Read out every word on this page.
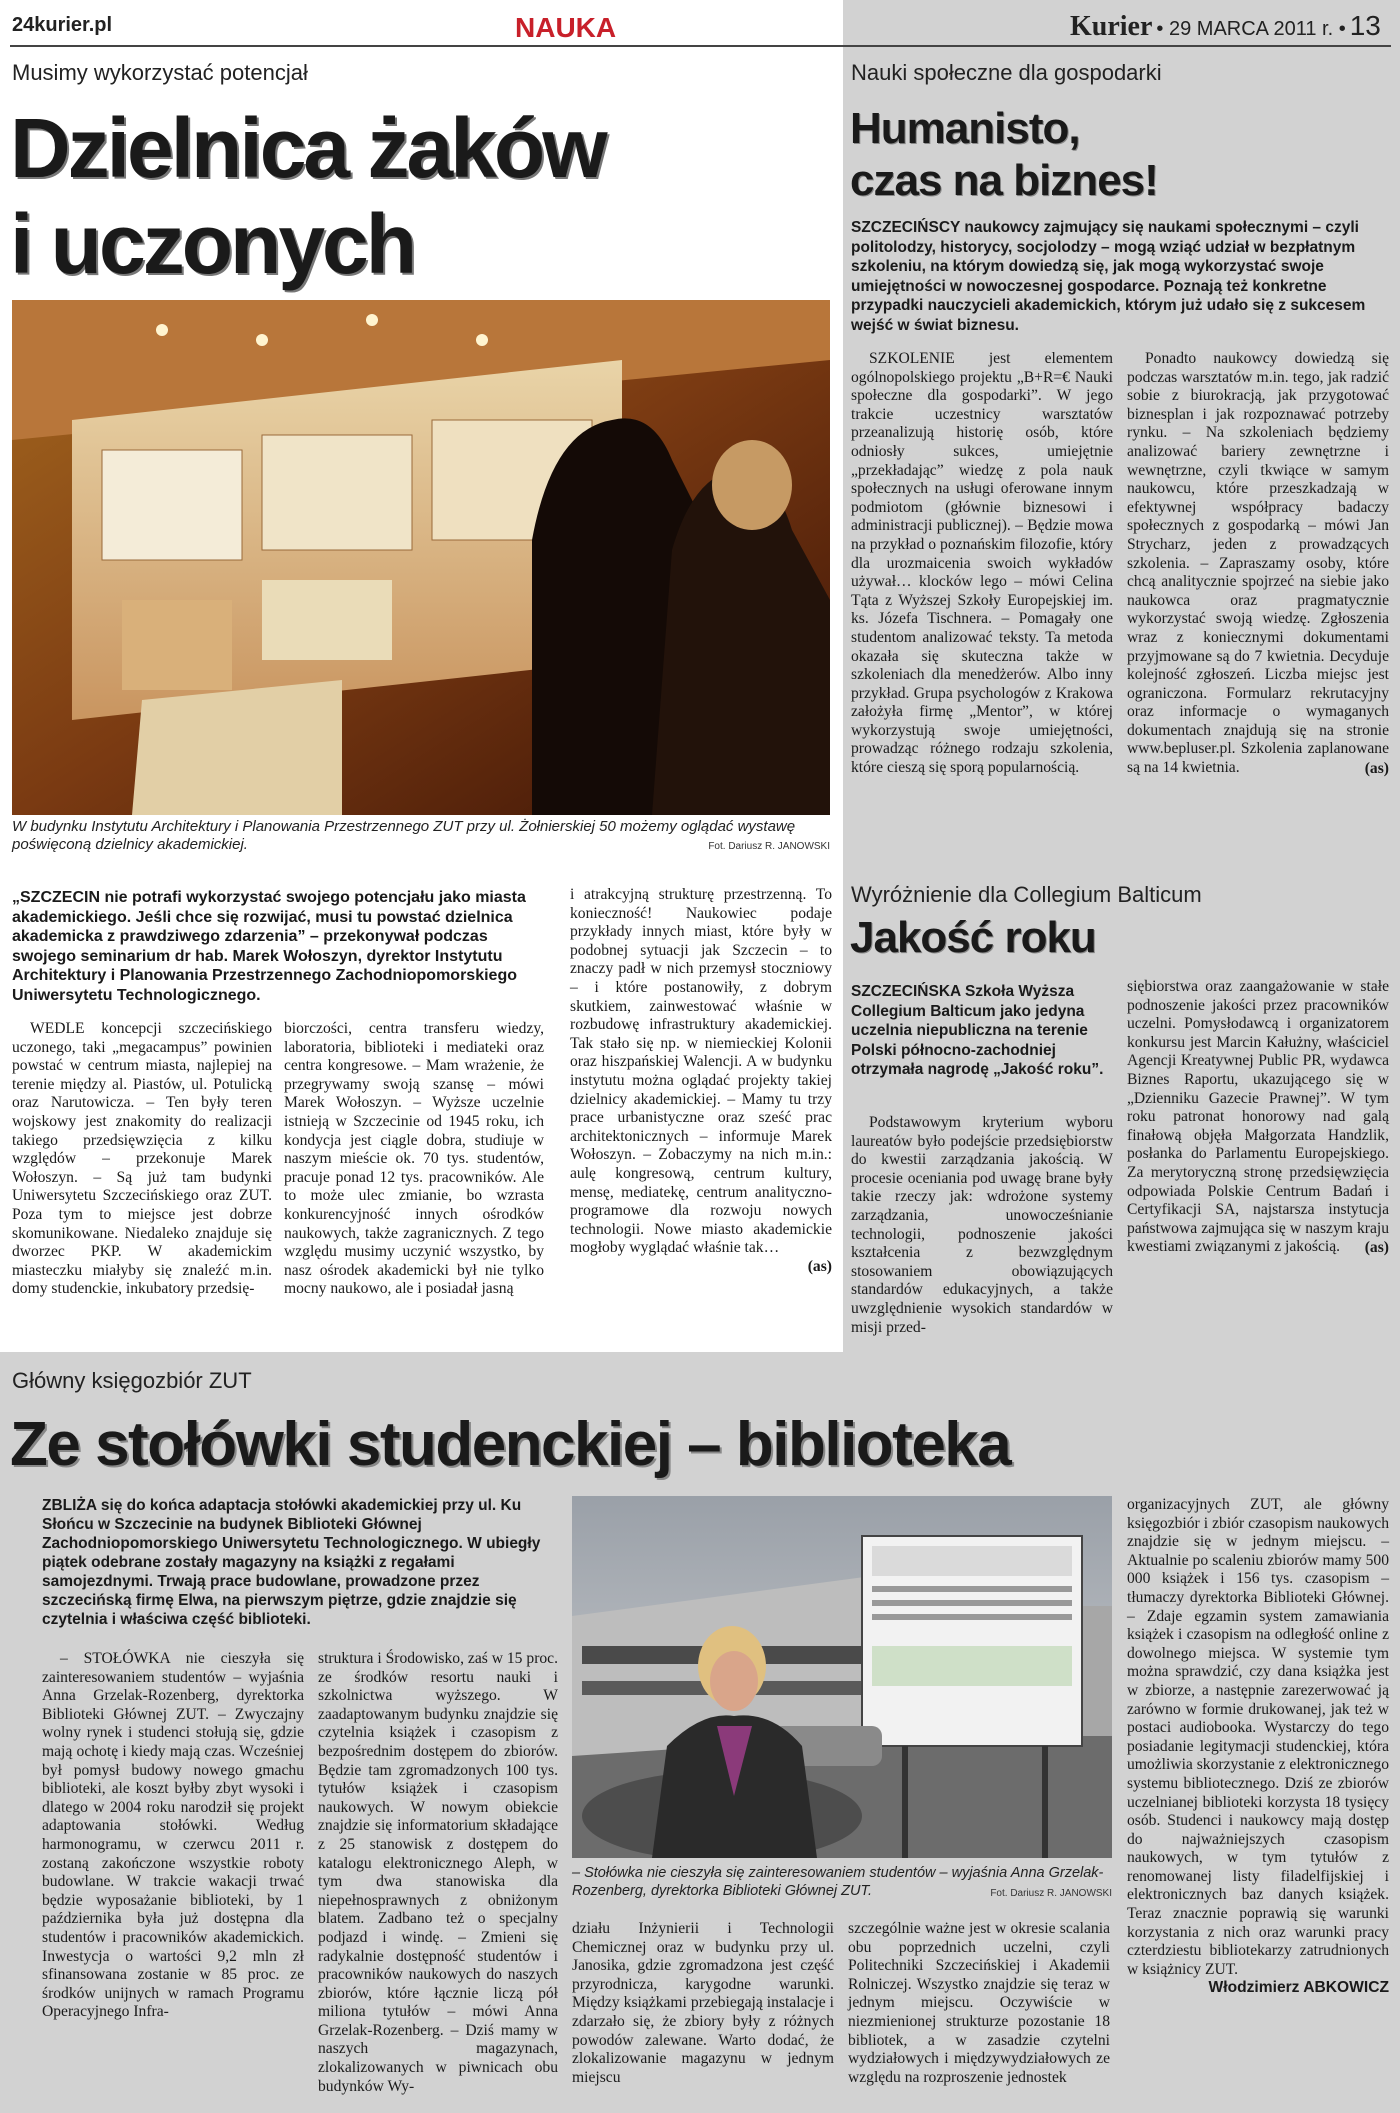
24kurier.pl	NAUKA	Kurier • 29 MARCA 2011 r. • 13
Musimy wykorzystać potencjał
Dzielnica żaków
i uczonych
W budynku Instytutu Architektury i Planowania Przestrzennego ZUT przy ul. Żołnierskiej 50 możemy oglądać wystawę poświęconą dzielnicy akademickiej.	Fot. Dariusz R. JANOWSKI
„SZCZECIN nie potrafi wykorzystać swojego potencjału jako miasta akademickiego. Jeśli chce się rozwijać, musi tu powstać dzielnica akademicka z prawdziwego zdarzenia” – przekonywał podczas swojego seminarium dr hab. Marek Wołoszyn, dyrektor Instytutu Architektury i Planowania Przestrzennego Zachodniopomorskiego Uniwersytetu Technologicznego.

WEDLE koncepcji szczecińskiego uczonego, taki „megacampus” powinien powstać w centrum miasta, najlepiej na terenie między al. Piastów, ul. Potulicką oraz Narutowicza. – Ten były teren wojskowy jest znakomity do realizacji takiego przedsięwzięcia z kilku względów – przekonuje Marek Wołoszyn. – Są już tam budynki Uniwersytetu Szczecińskiego oraz ZUT. Poza tym to miejsce jest dobrze skomunikowane. Niedaleko znajduje się dworzec PKP. W akademickim miasteczku miałyby się znaleźć m.in. domy studenckie, inkubatory przedsię-

biorczości, centra transferu wiedzy, laboratoria, biblioteki i mediateki oraz centra kongresowe. – Mam wrażenie, że przegrywamy swoją szansę – mówi Marek Wołoszyn. – Wyższe uczelnie istnieją w Szczecinie od 1945 roku, ich kondycja jest ciągle dobra, studiuje w naszym mieście ok. 70 tys. studentów, pracuje ponad 12 tys. pracowników. Ale to może ulec zmianie, bo wzrasta konkurencyjność innych ośrodków naukowych, także zagranicznych. Z tego względu musimy uczynić wszystko, by nasz ośrodek akademicki był nie tylko mocny naukowo, ale i posiadał jasną

i atrakcyjną strukturę przestrzenną. To konieczność! Naukowiec podaje przykłady innych miast, które były w podobnej sytuacji jak Szczecin – to znaczy padł w nich przemysł stoczniowy – i które postanowiły, z dobrym skutkiem, zainwestować właśnie w rozbudowę infrastruktury akademickiej. Tak stało się np. w niemieckiej Kolonii oraz hiszpańskiej Walencji. A w budynku instytutu można oglądać projekty takiej dzielnicy akademickiej. – Mamy tu trzy prace urbanistyczne oraz sześć prac architektonicznych – informuje Marek Wołoszyn. – Zobaczymy na nich m.in.: aulę kongresową, centrum kultury, mensę, mediatekę, centrum analityczno-programowe dla rozwoju nowych technologii. Nowe miasto akademickie mogłoby wyglądać właśnie tak…

(as)
Nauki społeczne dla gospodarki
Humanisto,
czas na biznes!
SZCZECIŃSCY naukowcy zajmujący się naukami społecznymi – czyli politolodzy, historycy, socjolodzy – mogą wziąć udział w bezpłatnym szkoleniu, na którym dowiedzą się, jak mogą wykorzystać swoje umiejętności w nowoczesnej gospodarce. Poznają też konkretne przypadki nauczycieli akademickich, którym już udało się z sukcesem wejść w świat biznesu.

SZKOLENIE jest elementem ogólnopolskiego projektu „B+R=€ Nauki społeczne dla gospodarki”. W jego trakcie uczestnicy warsztatów przeanalizują historię osób, które odniosły sukces, umiejętnie „przekładając” wiedzę z pola nauk społecznych na usługi oferowane innym podmiotom (głównie biznesowi i administracji publicznej). – Będzie mowa na przykład o poznańskim filozofie, który dla urozmaicenia swoich wykładów używał… klocków lego – mówi Celina Tąta z Wyższej Szkoły Europejskiej im. ks. Józefa Tischnera. – Pomagały one studentom analizować teksty. Ta metoda okazała się skuteczna także w szkoleniach dla menedżerów. Albo inny przykład. Grupa psychologów z Krakowa założyła firmę „Mentor”, w której wykorzystują swoje umiejętności, prowadząc różnego rodzaju szkolenia, które cieszą się sporą popularnością.

Ponadto naukowcy dowiedzą się podczas warsztatów m.in. tego, jak radzić sobie z biurokracją, jak przygotować biznesplan i jak rozpoznawać potrzeby rynku. – Na szkoleniach będziemy analizować bariery zewnętrzne i wewnętrzne, czyli tkwiące w samym naukowcu, które przeszkadzają w efektywnej współpracy badaczy społecznych z gospodarką – mówi Jan Strycharz, jeden z prowadzących szkolenia. – Zapraszamy osoby, które chcą analitycznie spojrzeć na siebie jako naukowca oraz pragmatycznie wykorzystać swoją wiedzę. Zgłoszenia wraz z koniecznymi dokumentami przyjmowane są do 7 kwietnia. Decyduje kolejność zgłoszeń. Liczba miejsc jest ograniczona. Formularz rekrutacyjny oraz informacje o wymaganych dokumentach znajdują się na stronie www.bepluser.pl. Szkolenia zaplanowane są na 14 kwietnia.	(as)
Wyróżnienie dla Collegium Balticum
Jakość roku
SZCZECIŃSKA Szkoła Wyższa Collegium Balticum jako jedyna uczelnia niepubliczna na terenie Polski północno-zachodniej otrzymała nagrodę „Jakość roku”.

Podstawowym kryterium wyboru laureatów było podejście przedsiębiorstw do kwestii zarządzania jakością. W procesie oceniania pod uwagę brane były takie rzeczy jak: wdrożone systemy zarządzania, unowocześnianie technologii, podnoszenie jakości kształcenia z bezwzględnym stosowaniem obowiązujących standardów edukacyjnych, a także uwzględnienie wysokich standardów w misji przed-

siębiorstwa oraz zaangażowanie w stałe podnoszenie jakości przez pracowników uczelni. Pomysłodawcą i organizatorem konkursu jest Marcin Kałużny, właściciel Agencji Kreatywnej Public PR, wydawca Biznes Raportu, ukazującego się w „Dzienniku Gazecie Prawnej”. W tym roku patronat honorowy nad galą finałową objęła Małgorzata Handzlik, posłanka do Parlamentu Europejskiego. Za merytoryczną stronę przedsięwzięcia odpowiada Polskie Centrum Badań i Certyfikacji SA, najstarsza instytucja państwowa zajmująca się w naszym kraju kwestiami związanymi z jakością.	(as)
Główny księgozbiór ZUT
Ze stołówki studenckiej – biblioteka
ZBLIŻA się do końca adaptacja stołówki akademickiej przy ul. Ku Słońcu w Szczecinie na budynek Biblioteki Głównej Zachodniopomorskiego Uniwersytetu Technologicznego. W ubiegły piątek odebrane zostały magazyny na książki z regałami samojezdnymi. Trwają prace budowlane, prowadzone przez szczecińską firmę Elwa, na pierwszym piętrze, gdzie znajdzie się czytelnia i właściwa część biblioteki.

– STOŁÓWKA nie cieszyła się zainteresowaniem studentów – wyjaśnia Anna Grzelak-Rozenberg, dyrektorka Biblioteki Głównej ZUT. – Zwyczajny wolny rynek i studenci stołują się, gdzie mają ochotę i kiedy mają czas. Wcześniej był pomysł budowy nowego gmachu biblioteki, ale koszt byłby zbyt wysoki i dlatego w 2004 roku narodził się projekt adaptowania stołówki. Według harmonogramu, w czerwcu 2011 r. zostaną zakończone wszystkie roboty budowlane. W trakcie wakacji trwać będzie wyposażanie biblioteki, by 1 października była już dostępna dla studentów i pracowników akademickich. Inwestycja o wartości 9,2 mln zł sfinansowana zostanie w 85 proc. ze środków unijnych w ramach Programu Operacyjnego Infra-

struktura i Środowisko, zaś w 15 proc. ze środków resortu nauki i szkolnictwa wyższego. W zaadaptowanym budynku znajdzie się czytelnia książek i czasopism z bezpośrednim dostępem do zbiorów. Będzie tam zgromadzonych 100 tys. tytułów książek i czasopism naukowych. W nowym obiekcie znajdzie się informatorium składające z 25 stanowisk z dostępem do katalogu elektronicznego Aleph, w tym dwa stanowiska dla niepełnosprawnych z obniżonym blatem. Zadbano też o specjalny podjazd i windę. – Zmieni się radykalnie dostępność studentów i pracowników naukowych do naszych zbiorów, które łącznie liczą pół miliona tytułów – mówi Anna Grzelak-Rozenberg. – Dziś mamy w naszych magazynach, zlokalizowanych w piwnicach obu budynków Wy-

– Stołówka nie cieszyła się zainteresowaniem studentów – wyjaśnia Anna Grzelak-Rozenberg, dyrektorka Biblioteki Głównej ZUT.	Fot. Dariusz R. JANOWSKI

działu Inżynierii i Technologii Chemicznej oraz w budynku przy ul. Janosika, gdzie zgromadzona jest część przyrodnicza, karygodne warunki. Między książkami przebiegają instalacje i zdarzało się, że zbiory były z różnych powodów zalewane. Warto dodać, że zlokalizowanie magazynu w jednym miejscu

szczególnie ważne jest w okresie scalania obu poprzednich uczelni, czyli Politechniki Szczecińskiej i Akademii Rolniczej. Wszystko znajdzie się teraz w jednym miejscu. Oczywiście w niezmienionej strukturze pozostanie 18 bibliotek, a w zasadzie czytelni wydziałowych i międzywydziałowych ze względu na rozproszenie jednostek

organizacyjnych ZUT, ale główny księgozbiór i zbiór czasopism naukowych znajdzie się w jednym miejscu. – Aktualnie po scaleniu zbiorów mamy 500 000 książek i 156 tys. czasopism – tłumaczy dyrektorka Biblioteki Głównej. – Zdaje egzamin system zamawiania książek i czasopism na odległość online z dowolnego miejsca. W systemie tym można sprawdzić, czy dana książka jest w zbiorze, a następnie zarezerwować ją zarówno w formie drukowanej, jak też w postaci audiobooka. Wystarczy do tego posiadanie legitymacji studenckiej, która umożliwia skorzystanie z elektronicznego systemu bibliotecznego. Dziś ze zbiorów uczelnianej biblioteki korzysta 18 tysięcy osób. Studenci i naukowcy mają dostęp do najważniejszych czasopism naukowych, w tym tytułów z renomowanej listy filadelfijskiej i elektronicznych baz danych książek. Teraz znacznie poprawią się warunki korzystania z nich oraz warunki pracy czterdziestu bibliotekarzy zatrudnionych w książnicy ZUT.

Włodzimierz ABKOWICZ
